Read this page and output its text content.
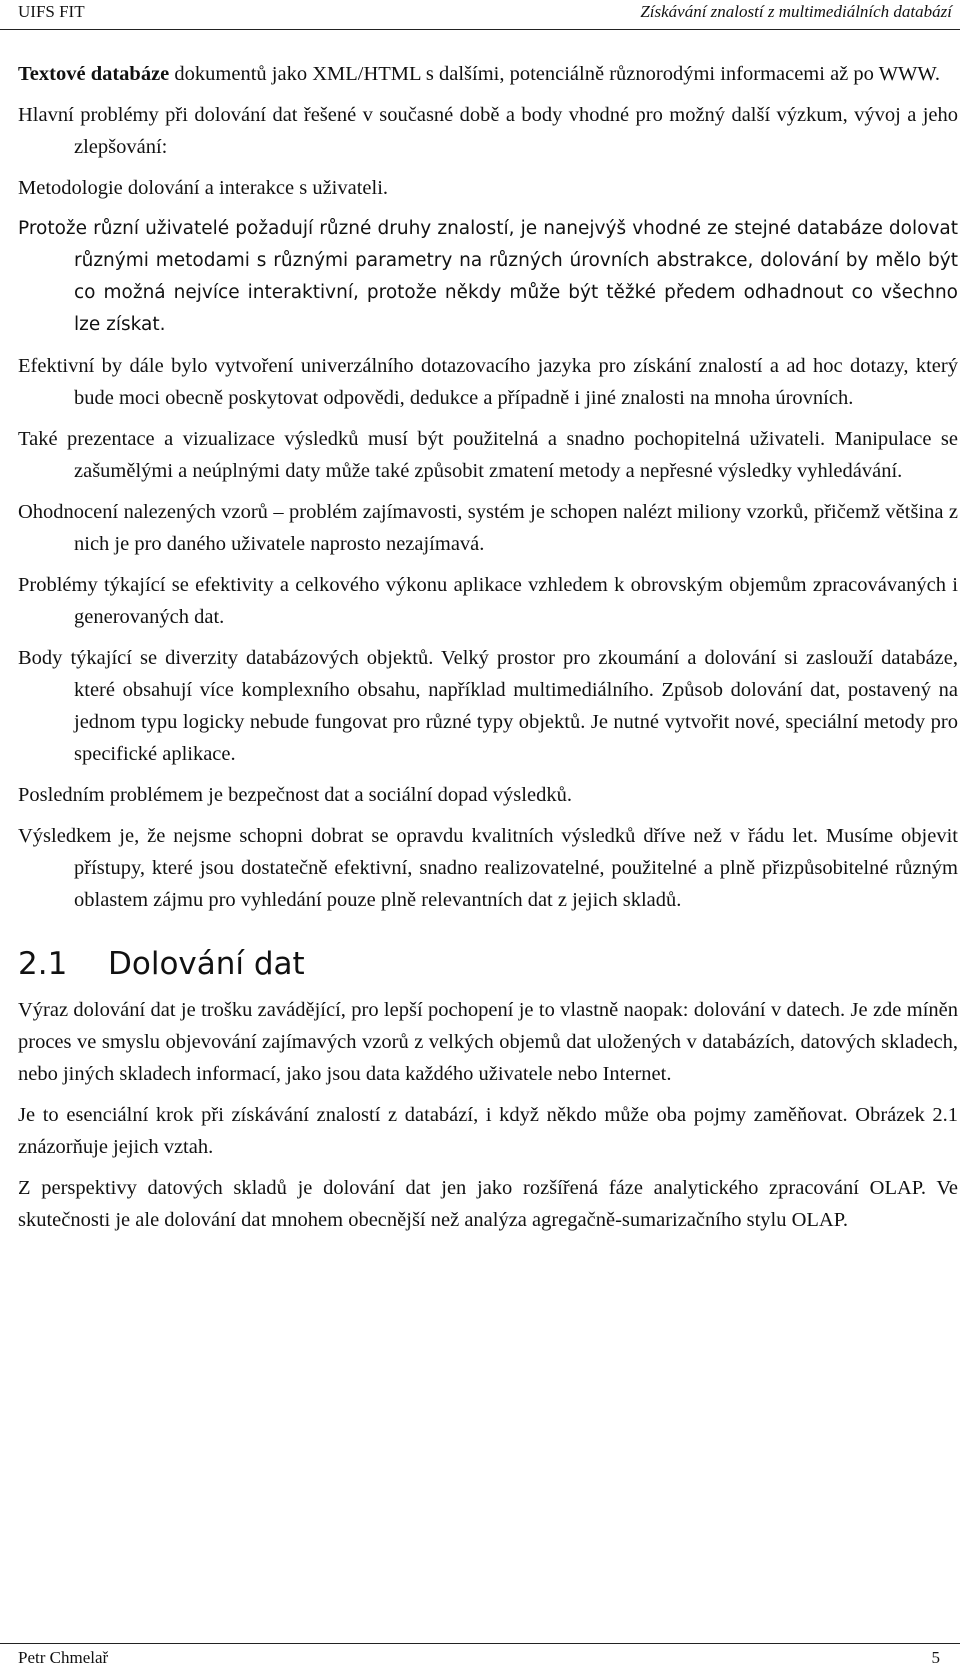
UIFS FIT	Získávání znalostí z multimediálních databází

Textové databáze dokumentů jako XML/HTML s dalšími, potenciálně různorodými informacemi až po WWW.

Hlavní problémy při dolování dat řešené v současné době a body vhodné pro možný další výzkum, vývoj a jeho zlepšování:

Metodologie dolování a interakce s uživateli.

Protože různí uživatelé požadují různé druhy znalostí, je nanejvýš vhodné ze stejné databáze dolovat různými metodami s různými parametry na různých úrovních abstrakce, dolování by mělo být co možná nejvíce interaktivní, protože někdy může být těžké předem odhadnout co všechno lze získat.

Efektivní by dále bylo vytvoření univerzálního dotazovacího jazyka pro získání znalostí a ad hoc dotazy, který bude moci obecně poskytovat odpovědi, dedukce a případně i jiné znalosti na mnoha úrovních.

Také prezentace a vizualizace výsledků musí být použitelná a snadno pochopitelná uživateli. Manipulace se zašumělými a neúplnými daty může také způsobit zmatení metody a nepřesné výsledky vyhledávání.

Ohodnocení nalezených vzorů – problém zajímavosti, systém je schopen nalézt miliony vzorků, přičemž většina z nich je pro daného uživatele naprosto nezajímavá.

Problémy týkající se efektivity a celkového výkonu aplikace vzhledem k obrovským objemům zpracovávaných i generovaných dat.

Body týkající se diverzity databázových objektů. Velký prostor pro zkoumání a dolování si zaslouží databáze, které obsahují více komplexního obsahu, například multimediálního. Způsob dolování dat, postavený na jednom typu logicky nebude fungovat pro různé typy objektů. Je nutné vytvořit nové, speciální metody pro specifické aplikace.

Posledním problémem je bezpečnost dat a sociální dopad výsledků.

Výsledkem je, že nejsme schopni dobrat se opravdu kvalitních výsledků dříve než v řádu let. Musíme objevit přístupy, které jsou dostatečně efektivní, snadno realizovatelné, použitelné a plně přizpůsobitelné různým oblastem zájmu pro vyhledání pouze plně relevantních dat z jejich skladů.

2.1 Dolování dat

Výraz dolování dat je trošku zavádějící, pro lepší pochopení je to vlastně naopak: dolování v datech. Je zde míněn proces ve smyslu objevování zajímavých vzorů z velkých objemů dat uložených v databázích, datových skladech, nebo jiných skladech informací, jako jsou data každého uživatele nebo Internet.

Je to esenciální krok při získávání znalostí z databází, i když někdo může oba pojmy zaměňovat. Obrázek 2.1 znázorňuje jejich vztah.

Z perspektivy datových skladů je dolování dat jen jako rozšířená fáze analytického zpracování OLAP. Ve skutečnosti je ale dolování dat mnohem obecnější než analýza agregačně-sumarizačního stylu OLAP.

Petr Chmelař	5
